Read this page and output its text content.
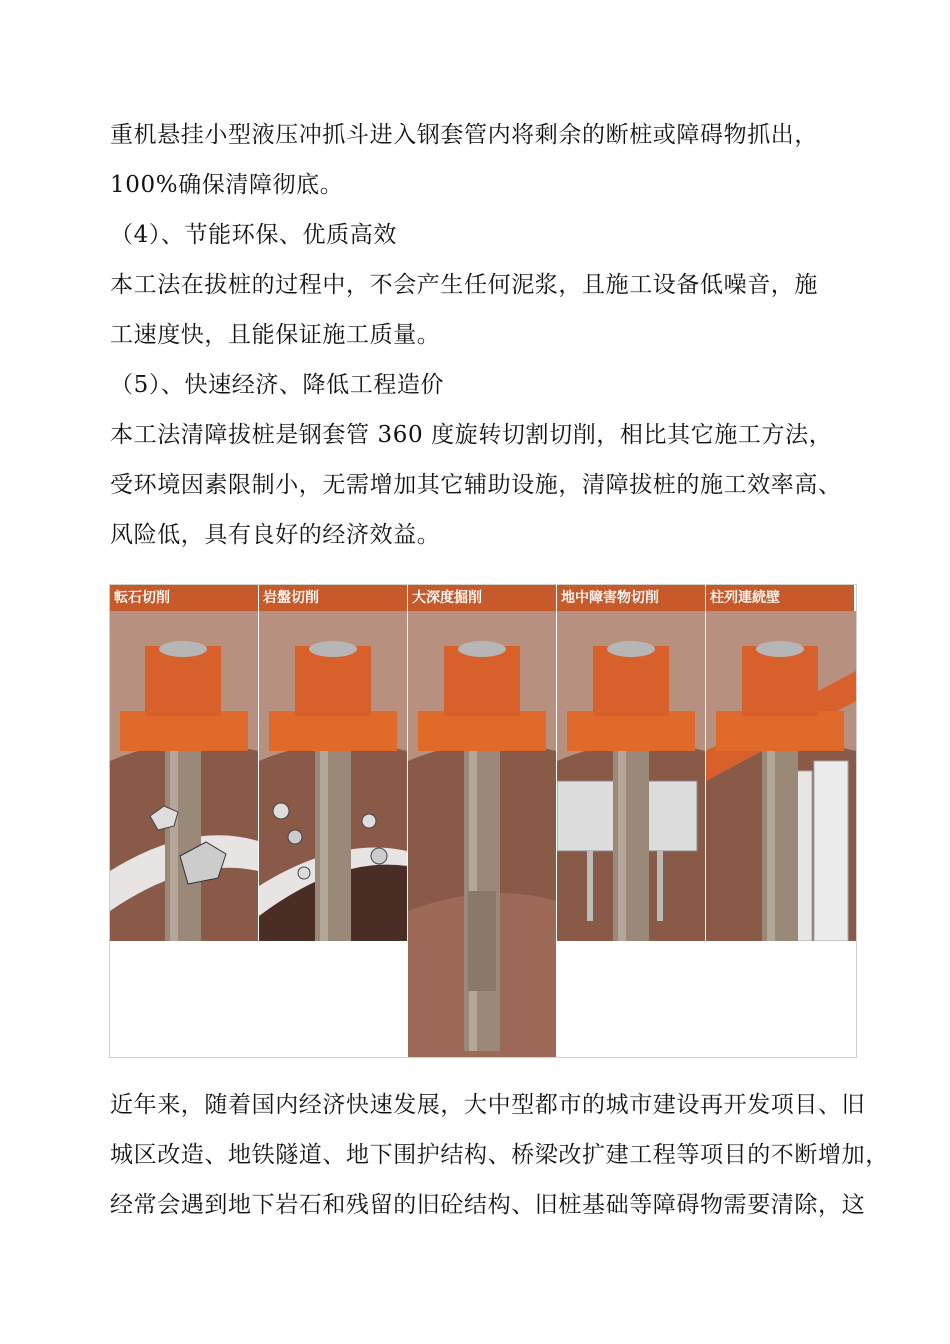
重机悬挂小型液压冲抓斗进入钢套管内将剩余的断桩或障碍物抓出，
100%确保清障彻底。
（4）、节能环保、优质高效
本工法在拔桩的过程中，不会产生任何泥浆，且施工设备低噪音，施
工速度快，且能保证施工质量。
（5）、快速经济、降低工程造价
本工法清障拔桩是钢套管 360 度旋转切割切削，相比其它施工方法，
受环境因素限制小，无需增加其它辅助设施，清障拔桩的施工效率高、
风险低，具有良好的经济效益。
転石切削	岩盤切削	大深度掘削	地中障害物切削	柱列連続壁
近年来，随着国内经济快速发展，大中型都市的城市建设再开发项目、旧
城区改造、地铁隧道、地下围护结构、桥梁改扩建工程等项目的不断增加，
经常会遇到地下岩石和残留的旧砼结构、旧桩基础等障碍物需要清除，这
